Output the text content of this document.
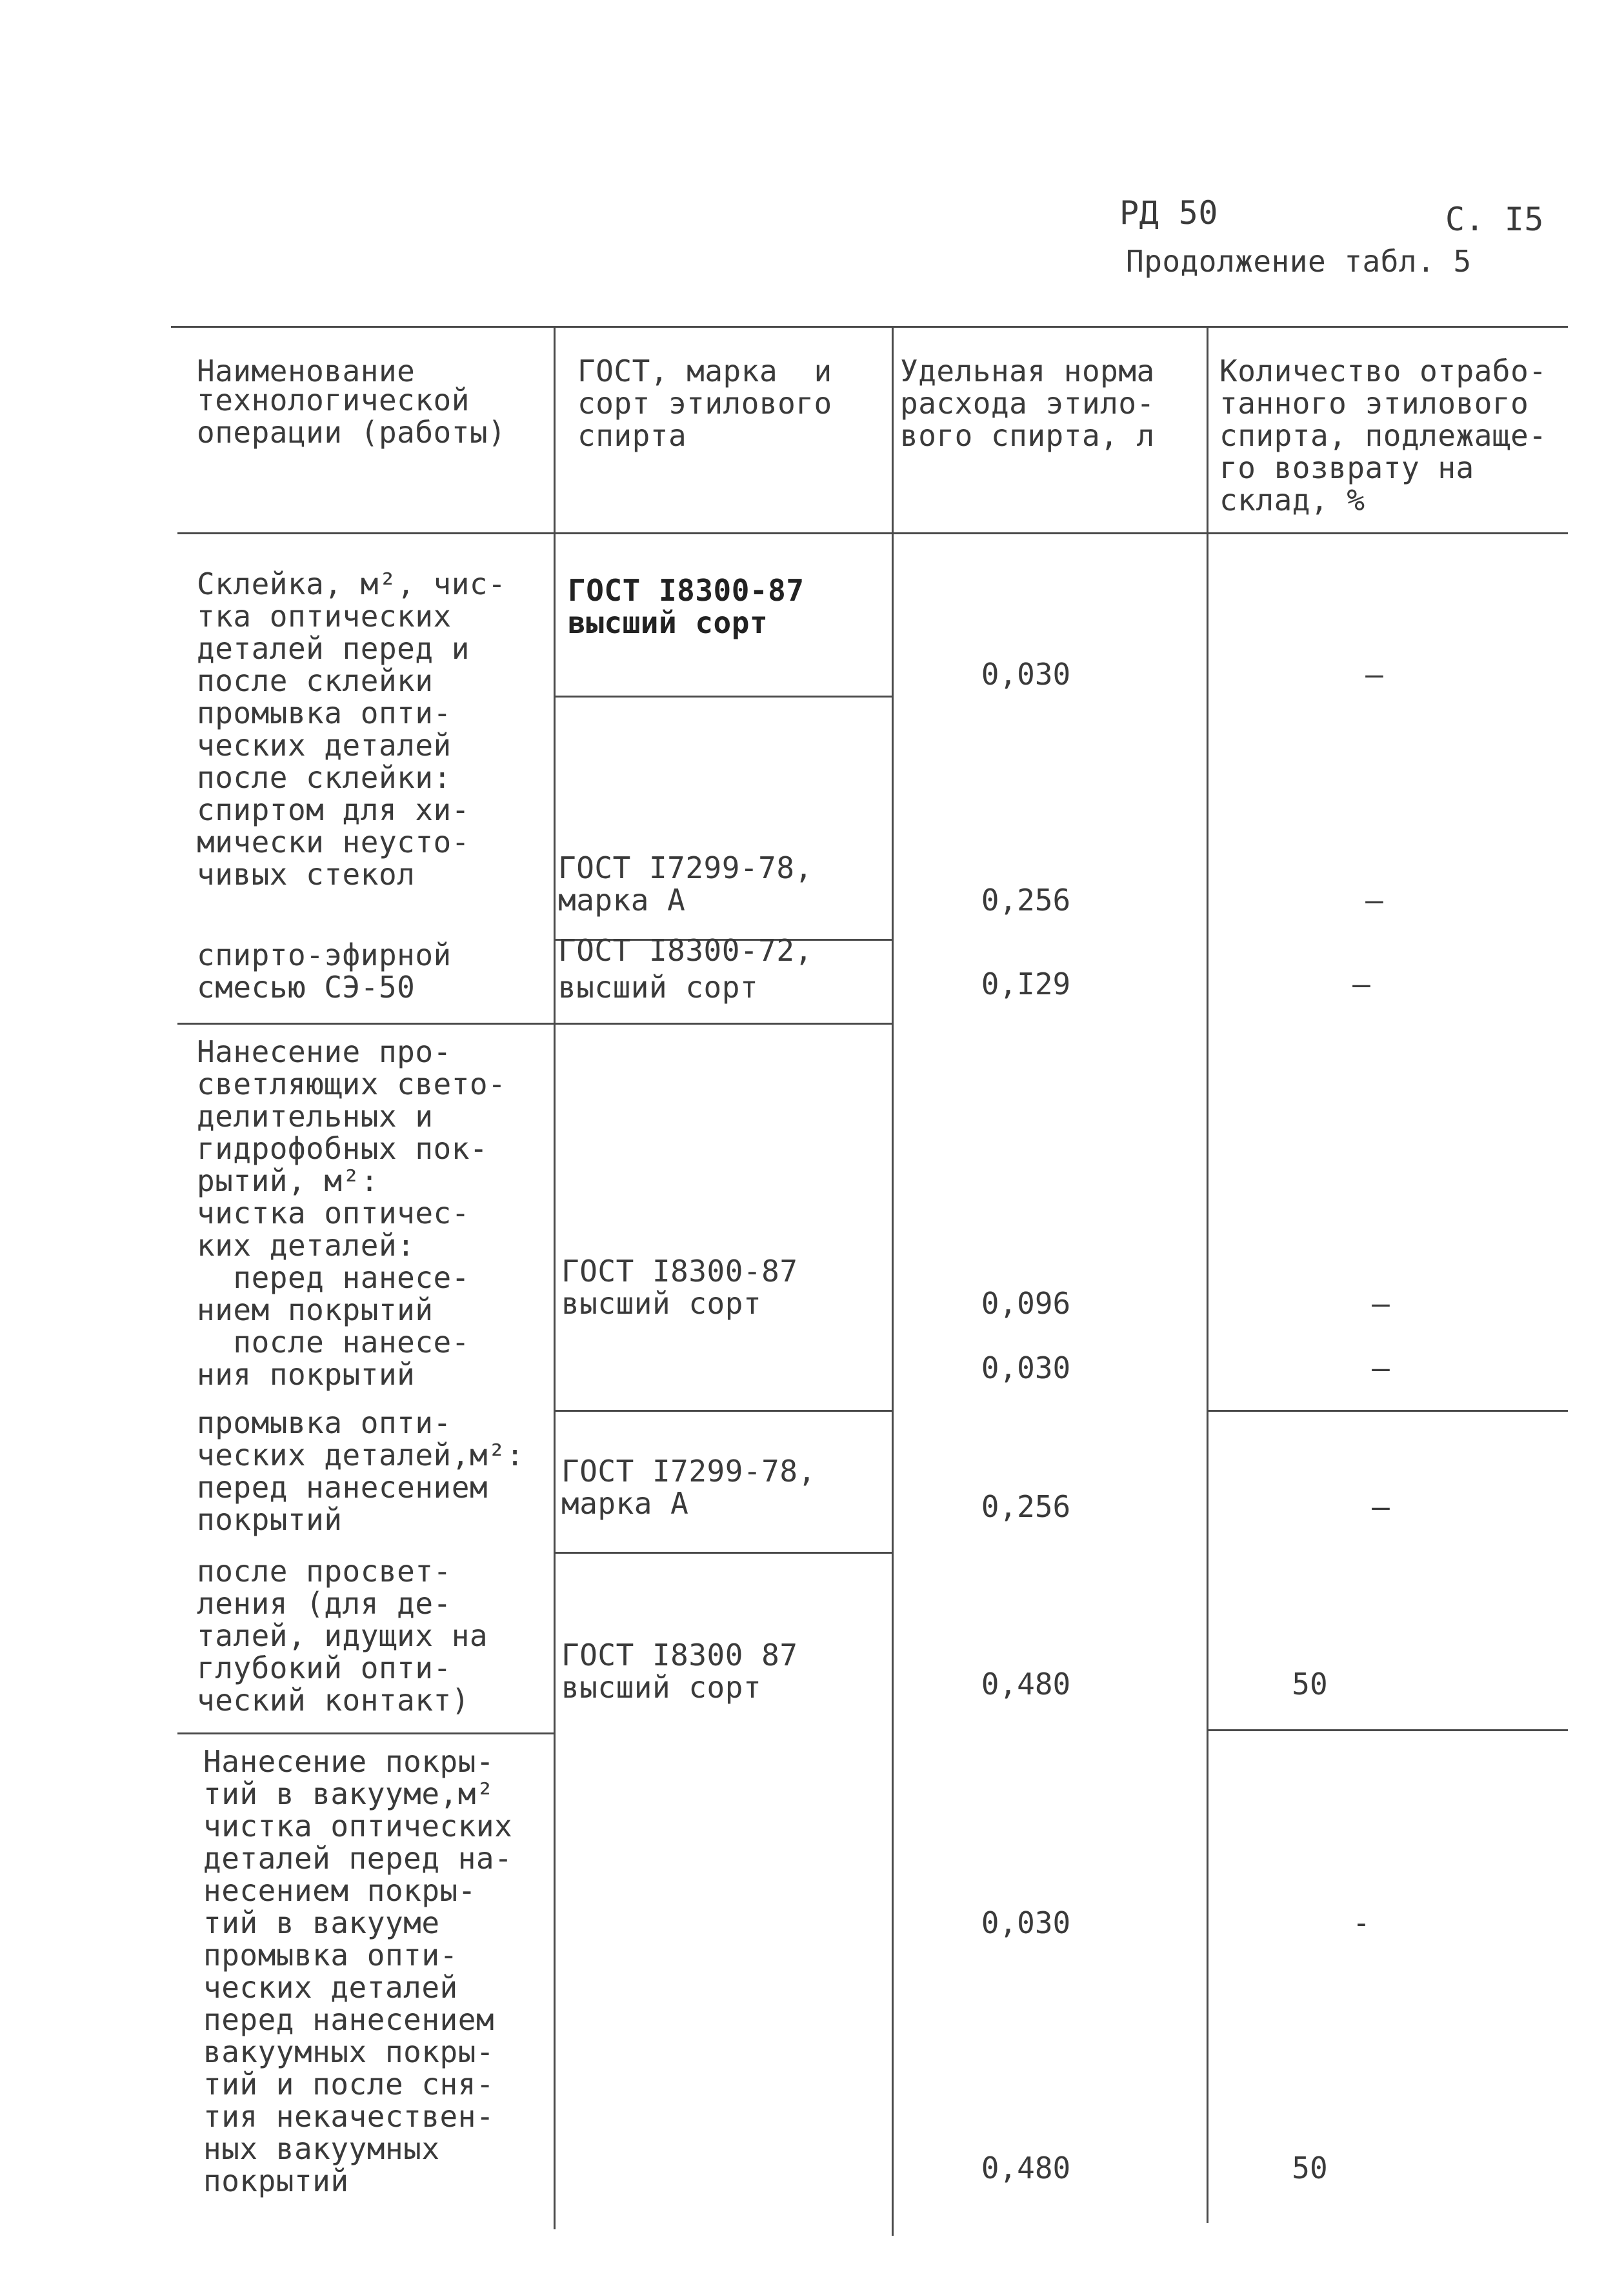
РД 50	С. I5
Продолжение табл. 5
Наименование
технологической
операции (работы)
ГОСТ, марка  и
сорт этилового
спирта
Удельная норма
расхода этило-
вого спирта, л
Количество отрабо-
танного этилового
спирта, подлежаще-
го возврату на
склад, %
Склейка, м², чис-
тка оптических
деталей перед и
после склейки
промывка опти-
ческих деталей
после склейки:
спиртом для хи-
мически неусто-
чивых стекол
спирто-эфирной
смесью СЭ-50
Нанесение про-
светляющих свето-
делительных и
гидрофобных пок-
рытий, м²:
чистка оптичес-
ких деталей:
перед нанесе-
нием покрытий
после нанесе-
ния покрытий
промывка опти-
ческих деталей,м²:
перед нанесением
покрытий
после просвет-
ления (для де-
талей, идущих на
глубокий опти-
ческий контакт)
Нанесение покры-
тий в вакууме,м²
чистка оптических
деталей перед на-
несением покры-
тий в вакууме
промывка опти-
ческих деталей
перед нанесением
вакуумных покры-
тий и после сня-
тия некачествен-
ных вакуумных
покрытий
ГОСТ I8300-87
высший сорт
ГОСТ I7299-78,
марка А
ГОСТ I8300-72,
высший сорт
ГОСТ I8300-87
высший сорт
ГОСТ I7299-78,
марка А
ГОСТ I8300 87
высший сорт
0,030
0,256
0,I29
0,096
0,030
0,256
0,480
0,030
0,480
–
–
–
–
–
–
50
-
50
